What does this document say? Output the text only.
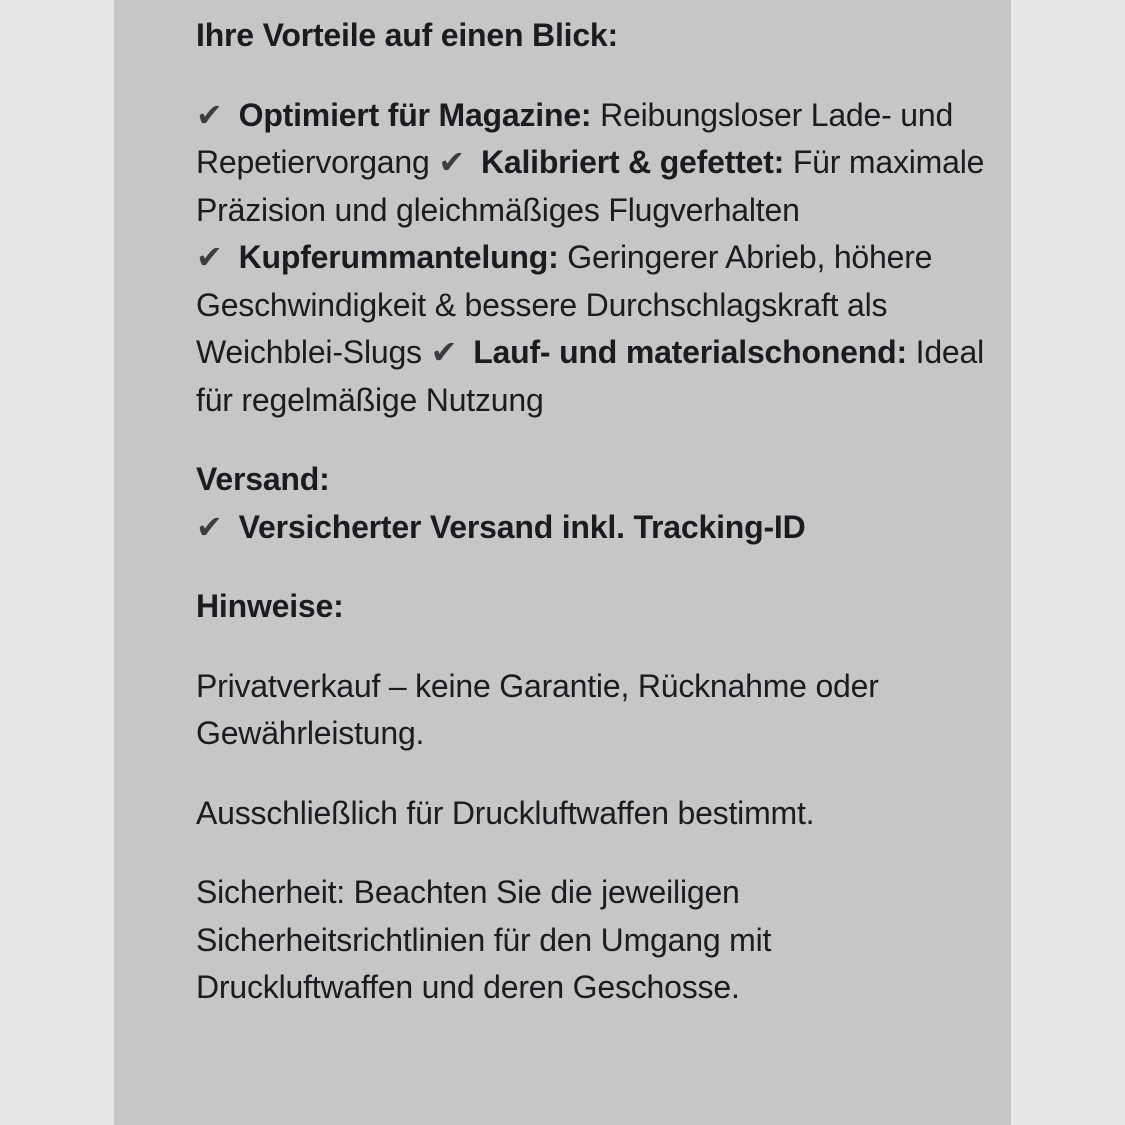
Ihre Vorteile auf einen Blick:
✔ Optimiert für Magazine: Reibungsloser Lade- und Repetiervorgang ✔ Kalibriert & gefettet: Für maximale Präzision und gleichmäßiges Flugverhalten ✔ Kupferummantelung: Geringerer Abrieb, höhere Geschwindigkeit & bessere Durchschlagskraft als Weichblei-Slugs ✔ Lauf- und materialschonend: Ideal für regelmäßige Nutzung
Versand:
✔ Versicherter Versand inkl. Tracking-ID
Hinweise:
Privatverkauf – keine Garantie, Rücknahme oder Gewährleistung.
Ausschließlich für Druckluftwaffen bestimmt.
Sicherheit: Beachten Sie die jeweiligen Sicherheitsrichtlinien für den Umgang mit Druckluftwaffen und deren Geschosse.
